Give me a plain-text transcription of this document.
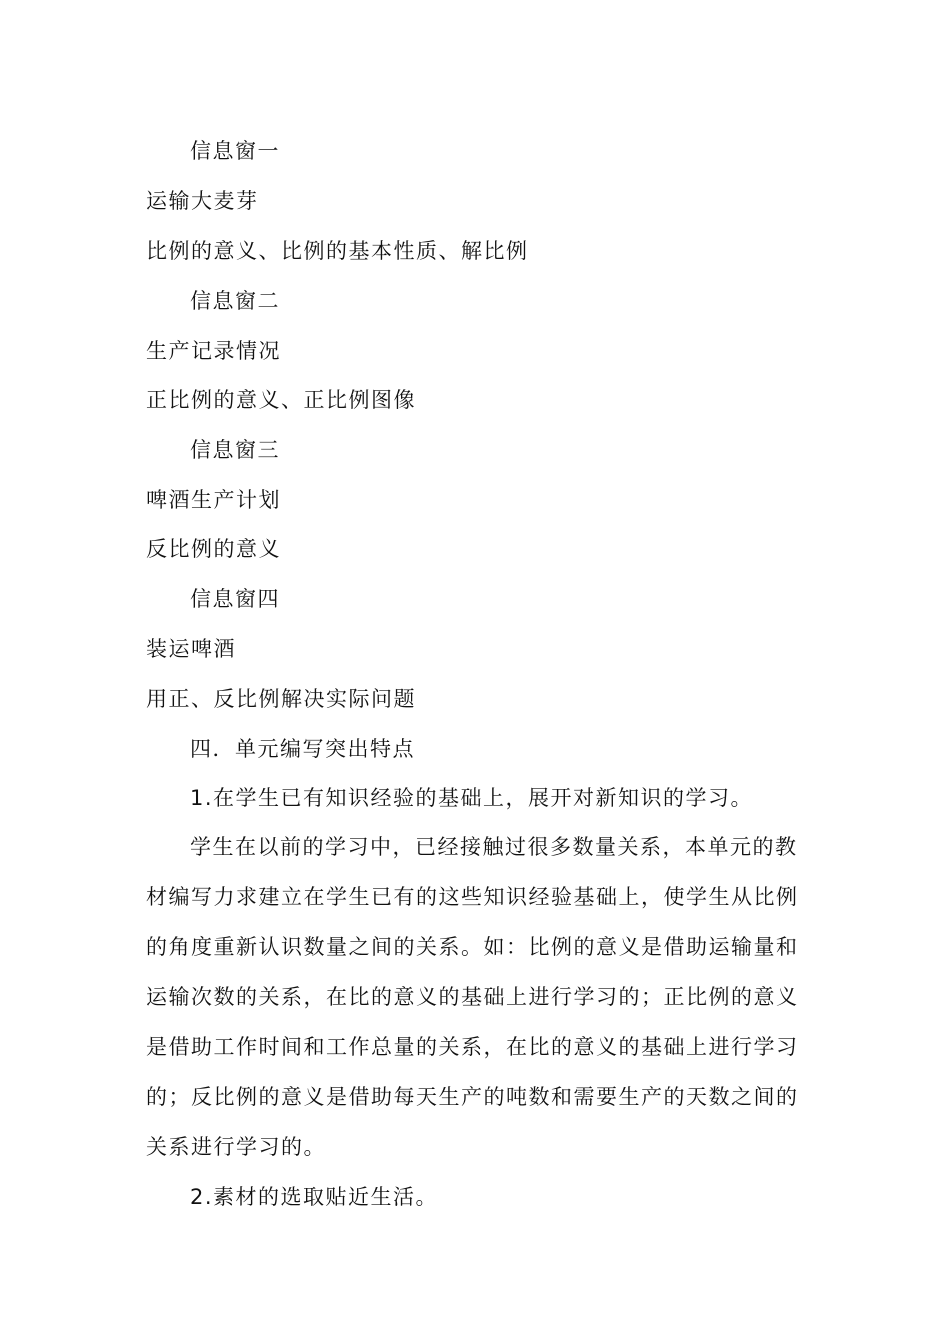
信息窗一
运输大麦芽
比例的意义、比例的基本性质、解比例
信息窗二
生产记录情况
正比例的意义、正比例图像
信息窗三
啤酒生产计划
反比例的意义
信息窗四
装运啤酒
用正、反比例解决实际问题
四．单元编写突出特点
1.在学生已有知识经验的基础上，展开对新知识的学习。
学生在以前的学习中，已经接触过很多数量关系，本单元的教
材编写力求建立在学生已有的这些知识经验基础上，使学生从比例
的角度重新认识数量之间的关系。如：比例的意义是借助运输量和
运输次数的关系，在比的意义的基础上进行学习的；正比例的意义
是借助工作时间和工作总量的关系，在比的意义的基础上进行学习
的；反比例的意义是借助每天生产的吨数和需要生产的天数之间的
关系进行学习的。
2.素材的选取贴近生活。
